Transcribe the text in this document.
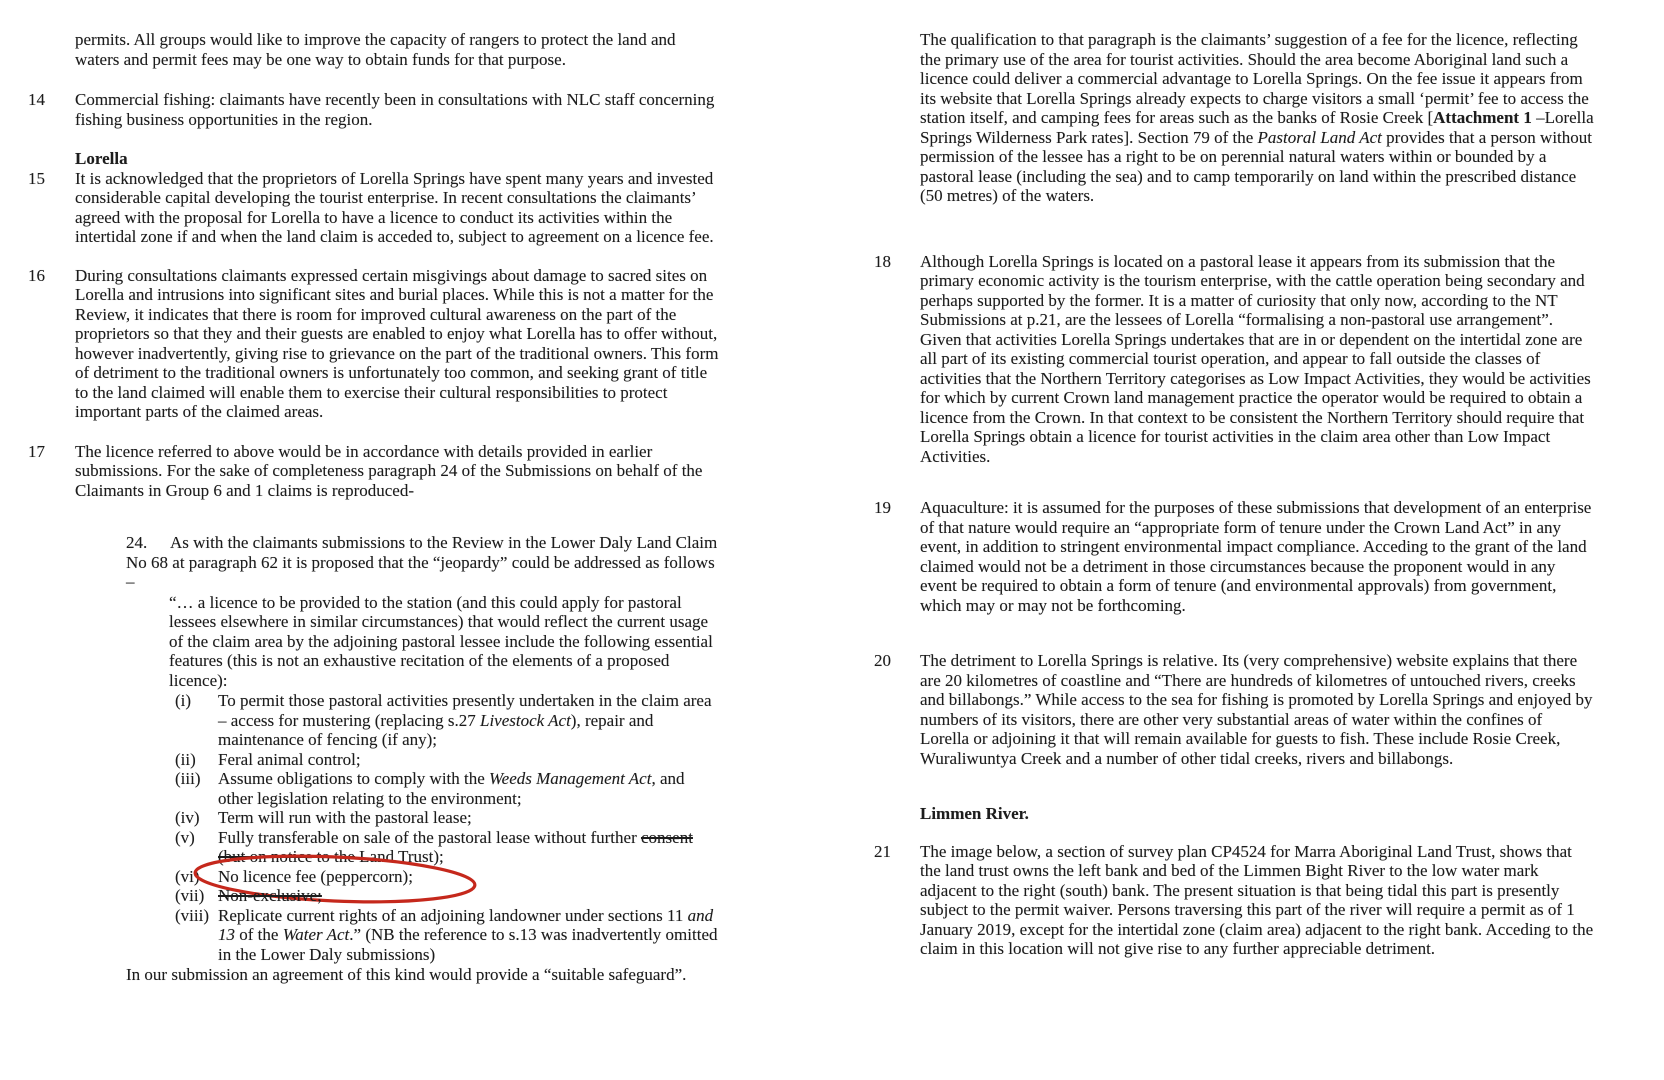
permits. All groups would like to improve the capacity of rangers to protect the land and waters and permit fees may be one way to obtain funds for that purpose.
14	Commercial fishing: claimants have recently been in consultations with NLC staff concerning fishing business opportunities in the region.
Lorella
15	It is acknowledged that the proprietors of Lorella Springs have spent many years and invested considerable capital developing the tourist enterprise. In recent consultations the claimants’ agreed with the proposal for Lorella to have a licence to conduct its activities within the intertidal zone if and when the land claim is acceded to, subject to agreement on a licence fee.
16	During consultations claimants expressed certain misgivings about damage to sacred sites on Lorella and intrusions into significant sites and burial places. While this is not a matter for the Review, it indicates that there is room for improved cultural awareness on the part of the proprietors so that they and their guests are enabled to enjoy what Lorella has to offer without, however inadvertently, giving rise to grievance on the part of the traditional owners. This form of detriment to the traditional owners is unfortunately too common, and seeking grant of title to the land claimed will enable them to exercise their cultural responsibilities to protect important parts of the claimed areas.
17	The licence referred to above would be in accordance with details provided in earlier submissions. For the sake of completeness paragraph 24 of the Submissions on behalf of the Claimants in Group 6 and 1 claims is reproduced-
24. As with the claimants submissions to the Review in the Lower Daly Land Claim No 68 at paragraph 62 it is proposed that the “jeopardy” could be addressed as follows –
“… a licence to be provided to the station (and this could apply for pastoral lessees elsewhere in similar circumstances) that would reflect the current usage of the claim area by the adjoining pastoral lessee include the following essential features (this is not an exhaustive recitation of the elements of a proposed licence):
(i)	To permit those pastoral activities presently undertaken in the claim area – access for mustering (replacing s.27 Livestock Act), repair and maintenance of fencing (if any);
(ii)	Feral animal control;
(iii)	Assume obligations to comply with the Weeds Management Act, and other legislation relating to the environment;
(iv)	Term will run with the pastoral lease;
(v)	Fully transferable on sale of the pastoral lease without further consent (but on notice to the Land Trust);
(vi)	No licence fee (peppercorn);
(vii) Non-exclusive;
(viii) Replicate current rights of an adjoining landowner under sections 11 and 13 of the Water Act.” (NB the reference to s.13 was inadvertently omitted in the Lower Daly submissions)
In our submission an agreement of this kind would provide a “suitable safeguard”.
The qualification to that paragraph is the claimants’ suggestion of a fee for the licence, reflecting the primary use of the area for tourist activities. Should the area become Aboriginal land such a licence could deliver a commercial advantage to Lorella Springs. On the fee issue it appears from its website that Lorella Springs already expects to charge visitors a small ‘permit’ fee to access the station itself, and camping fees for areas such as the banks of Rosie Creek [Attachment 1 –Lorella Springs Wilderness Park rates]. Section 79 of the Pastoral Land Act provides that a person without permission of the lessee has a right to be on perennial natural waters within or bounded by a pastoral lease (including the sea) and to camp temporarily on land within the prescribed distance (50 metres) of the waters.
18	Although Lorella Springs is located on a pastoral lease it appears from its submission that the primary economic activity is the tourism enterprise, with the cattle operation being secondary and perhaps supported by the former. It is a matter of curiosity that only now, according to the NT Submissions at p.21, are the lessees of Lorella “formalising a non-pastoral use arrangement”. Given that activities Lorella Springs undertakes that are in or dependent on the intertidal zone are all part of its existing commercial tourist operation, and appear to fall outside the classes of activities that the Northern Territory categorises as Low Impact Activities, they would be activities for which by current Crown land management practice the operator would be required to obtain a licence from the Crown. In that context to be consistent the Northern Territory should require that Lorella Springs obtain a licence for tourist activities in the claim area other than Low Impact Activities.
19	Aquaculture: it is assumed for the purposes of these submissions that development of an enterprise of that nature would require an “appropriate form of tenure under the Crown Land Act” in any event, in addition to stringent environmental impact compliance. Acceding to the grant of the land claimed would not be a detriment in those circumstances because the proponent would in any event be required to obtain a form of tenure (and environmental approvals) from government, which may or may not be forthcoming.
20	The detriment to Lorella Springs is relative. Its (very comprehensive) website explains that there are 20 kilometres of coastline and “There are hundreds of kilometres of untouched rivers, creeks and billabongs.” While access to the sea for fishing is promoted by Lorella Springs and enjoyed by numbers of its visitors, there are other very substantial areas of water within the confines of Lorella or adjoining it that will remain available for guests to fish. These include Rosie Creek, Wuraliwuntya Creek and a number of other tidal creeks, rivers and billabongs.
Limmen River.
21	The image below, a section of survey plan CP4524 for Marra Aboriginal Land Trust, shows that the land trust owns the left bank and bed of the Limmen Bight River to the low water mark adjacent to the right (south) bank. The present situation is that being tidal this part is presently subject to the permit waiver. Persons traversing this part of the river will require a permit as of 1 January 2019, except for the intertidal zone (claim area) adjacent to the right bank. Acceding to the claim in this location will not give rise to any further appreciable detriment.
